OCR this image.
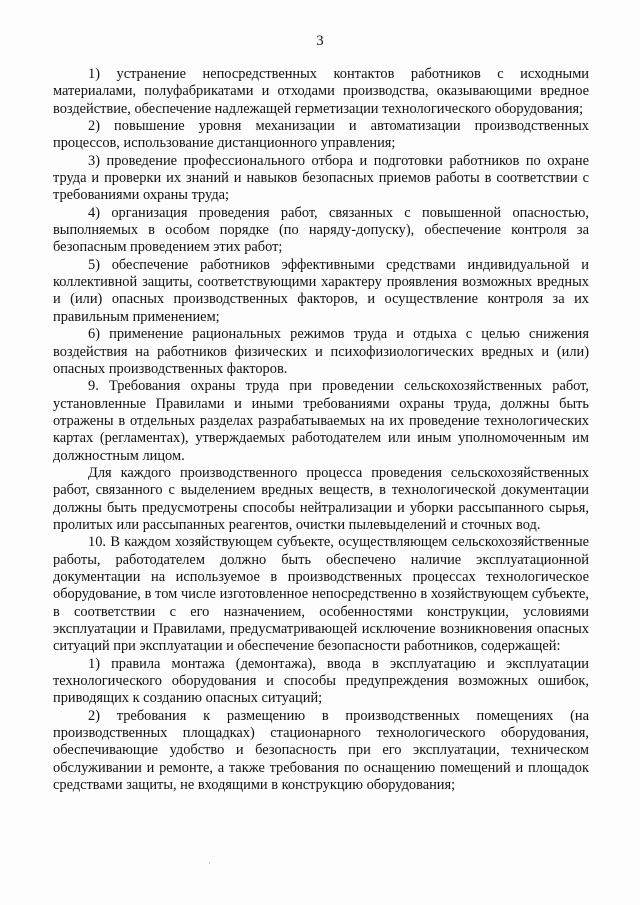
3

1) устранение непосредственных контактов работников с исходными материалами, полуфабрикатами и отходами производства, оказывающими вредное воздействие, обеспечение надлежащей герметизации технологического оборудования;

2) повышение уровня механизации и автоматизации производственных процессов, использование дистанционного управления;

3) проведение профессионального отбора и подготовки работников по охране труда и проверки их знаний и навыков безопасных приемов работы в соответствии с требованиями охраны труда;

4) организация проведения работ, связанных с повышенной опасностью, выполняемых в особом порядке (по наряду-допуску), обеспечение контроля за безопасным проведением этих работ;

5) обеспечение работников эффективными средствами индивидуальной и коллективной защиты, соответствующими характеру проявления возможных вредных и (или) опасных производственных факторов, и осуществление контроля за их правильным применением;

6) применение рациональных режимов труда и отдыха с целью снижения воздействия на работников физических и психофизиологических вредных и (или) опасных производственных факторов.

9. Требования охраны труда при проведении сельскохозяйственных работ, установленные Правилами и иными требованиями охраны труда, должны быть отражены в отдельных разделах разрабатываемых на их проведение технологических картах (регламентах), утверждаемых работодателем или иным уполномоченным им должностным лицом.

Для каждого производственного процесса проведения сельскохозяйственных работ, связанного с выделением вредных веществ, в технологической документации должны быть предусмотрены способы нейтрализации и уборки рассыпанного сырья, пролитых или рассыпанных реагентов, очистки пылевыделений и сточных вод.

10. В каждом хозяйствующем субъекте, осуществляющем сельскохозяйственные работы, работодателем должно быть обеспечено наличие эксплуатационной документации на используемое в производственных процессах технологическое оборудование, в том числе изготовленное непосредственно в хозяйствующем субъекте, в соответствии с его назначением, особенностями конструкции, условиями эксплуатации и Правилами, предусматривающей исключение возникновения опасных ситуаций при эксплуатации и обеспечение безопасности работников, содержащей:

1) правила монтажа (демонтажа), ввода в эксплуатацию и эксплуатации технологического оборудования и способы предупреждения возможных ошибок, приводящих к созданию опасных ситуаций;

2) требования к размещению в производственных помещениях (на производственных площадках) стационарного технологического оборудования, обеспечивающие удобство и безопасность при его эксплуатации, техническом обслуживании и ремонте, а также требования по оснащению помещений и площадок средствами защиты, не входящими в конструкцию оборудования;

·
